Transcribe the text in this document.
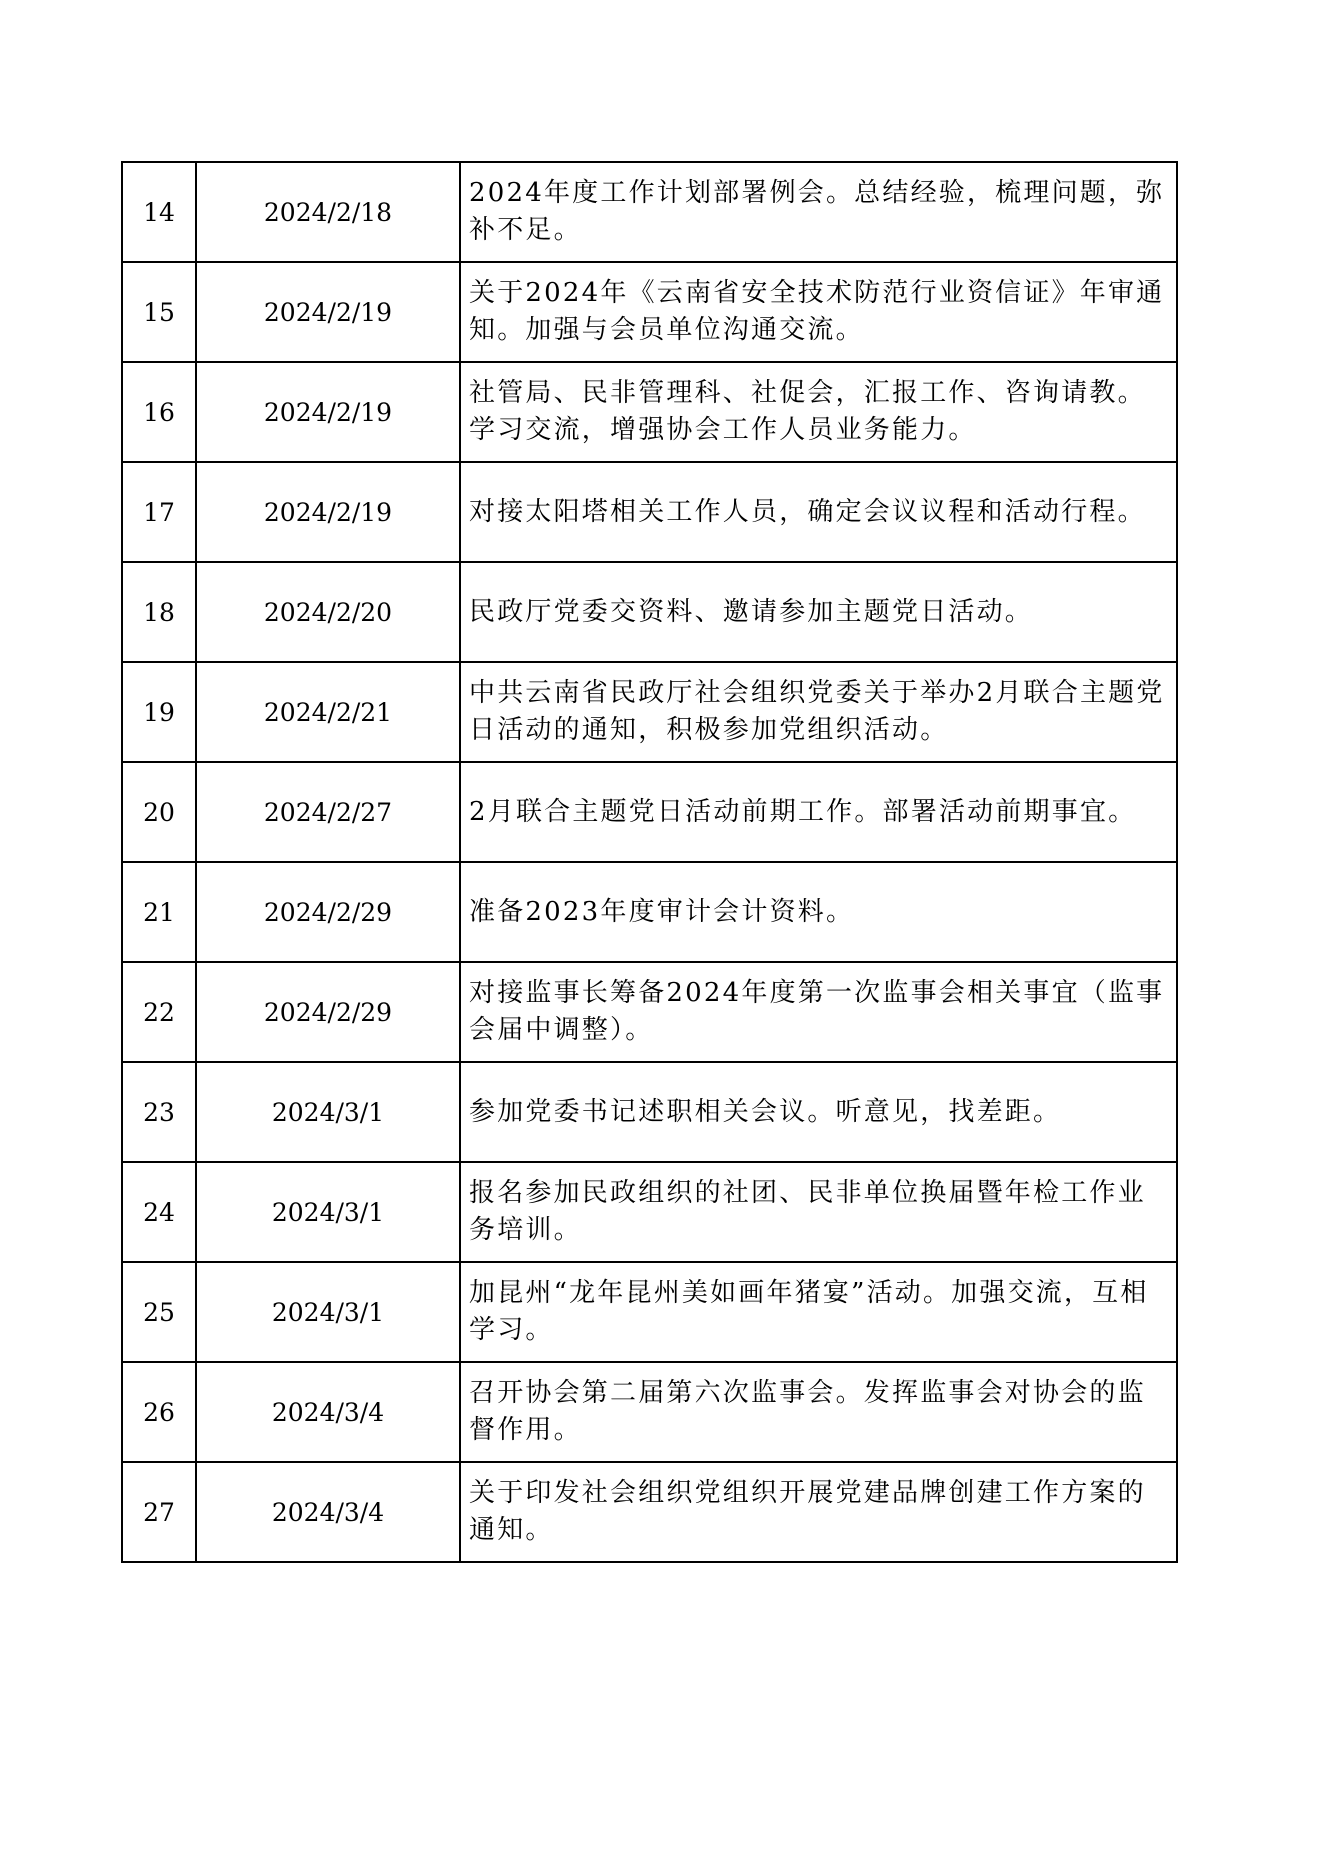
14	2024/2/18	2024年度工作计划部署例会。总结经验，梳理问题，弥补不足。

15	2024/2/19	关于2024年《云南省安全技术防范行业资信证》年审通知。加强与会员单位沟通交流。

16	2024/2/19	社管局、民非管理科、社促会，汇报工作、咨询请教。学习交流，增强协会工作人员业务能力。

17	2024/2/19	对接太阳塔相关工作人员，确定会议议程和活动行程。

18	2024/2/20	民政厅党委交资料、邀请参加主题党日活动。

19	2024/2/21	中共云南省民政厅社会组织党委关于举办2月联合主题党日活动的通知，积极参加党组织活动。

20	2024/2/27	2月联合主题党日活动前期工作。部署活动前期事宜。

21	2024/2/29	准备2023年度审计会计资料。

22	2024/2/29	对接监事长筹备2024年度第一次监事会相关事宜（监事会届中调整）。

23	2024/3/1	参加党委书记述职相关会议。听意见，找差距。

24	2024/3/1	报名参加民政组织的社团、民非单位换届暨年检工作业务培训。

25	2024/3/1	加昆州“龙年昆州美如画年猪宴”活动。加强交流，互相学习。

26	2024/3/4	召开协会第二届第六次监事会。发挥监事会对协会的监督作用。

27	2024/3/4	关于印发社会组织党组织开展党建品牌创建工作方案的通知。
